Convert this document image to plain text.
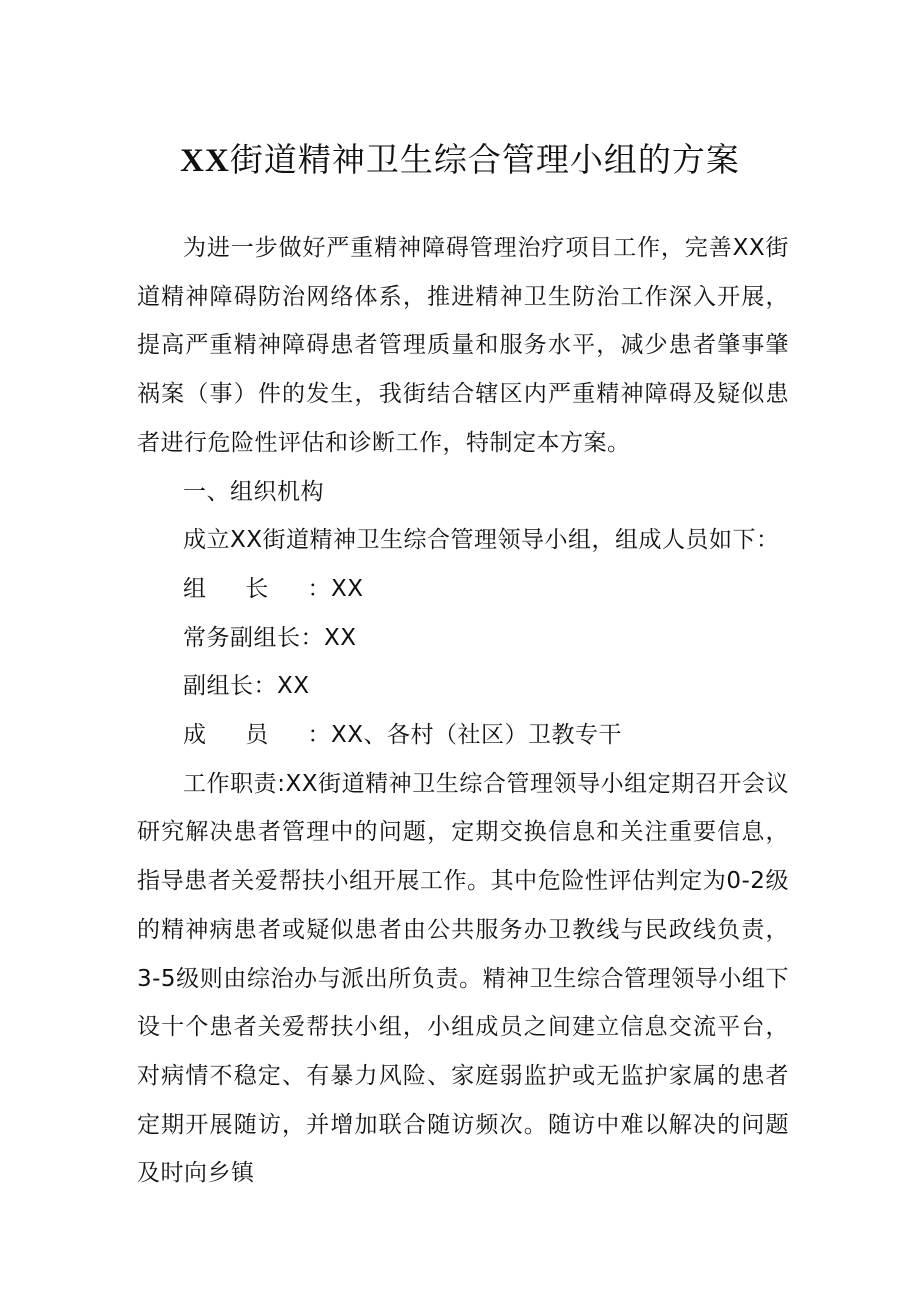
XX街道精神卫生综合管理小组的方案

为进一步做好严重精神障碍管理治疗项目工作，完善XX街道精神障碍防治网络体系，推进精神卫生防治工作深入开展，提高严重精神障碍患者管理质量和服务水平，减少患者肇事肇祸案（事）件的发生，我街结合辖区内严重精神障碍及疑似患者进行危险性评估和诊断工作，特制定本方案。

一、组织机构

成立XX街道精神卫生综合管理领导小组，组成人员如下：

组长：XX
常务副组长：XX
副组长：XX
成员：XX、各村（社区）卫教专干

工作职责:XX街道精神卫生综合管理领导小组定期召开会议研究解决患者管理中的问题，定期交换信息和关注重要信息，指导患者关爱帮扶小组开展工作。其中危险性评估判定为0-2级的精神病患者或疑似患者由公共服务办卫教线与民政线负责，3-5级则由综治办与派出所负责。精神卫生综合管理领导小组下设十个患者关爱帮扶小组，小组成员之间建立信息交流平台，对病情不稳定、有暴力风险、家庭弱监护或无监护家属的患者定期开展随访，并增加联合随访频次。随访中难以解决的问题及时向乡镇
